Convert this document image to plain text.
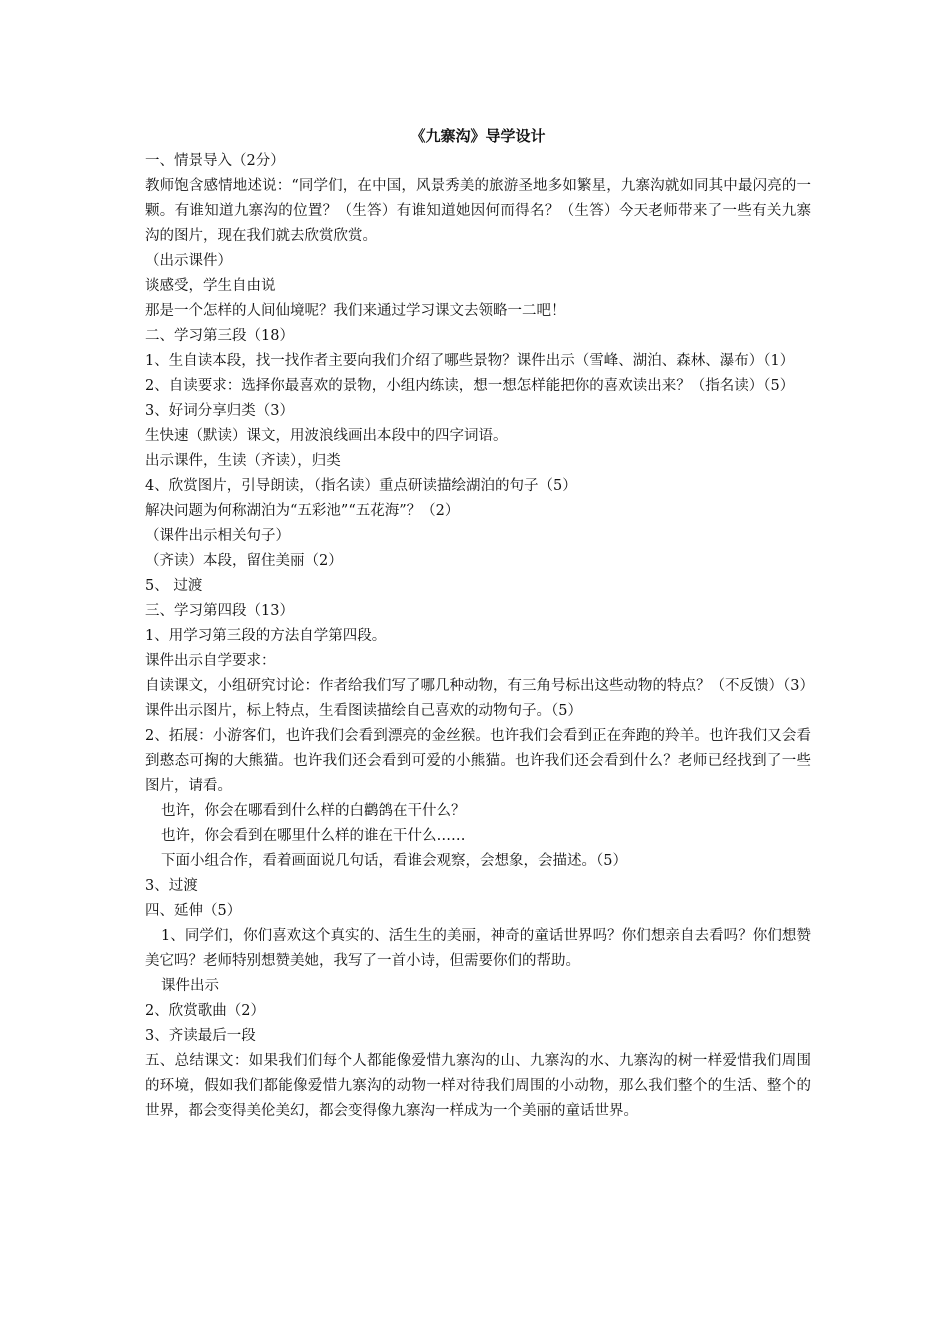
《九寨沟》导学设计

一、情景导入（2分）

教师饱含感情地述说：“同学们，在中国，风景秀美的旅游圣地多如繁星，九寨沟就如同其中最闪亮的一颗。有谁知道九寨沟的位置？（生答）有谁知道她因何而得名？（生答）今天老师带来了一些有关九寨沟的图片，现在我们就去欣赏欣赏。

（出示课件）

谈感受，学生自由说

那是一个怎样的人间仙境呢？我们来通过学习课文去领略一二吧！

二、学习第三段（18）

1、生自读本段，找一找作者主要向我们介绍了哪些景物？课件出示（雪峰、湖泊、森林、瀑布）（1）

2、自读要求：选择你最喜欢的景物，小组内练读，想一想怎样能把你的喜欢读出来？（指名读）（5）

3、好词分享归类（3）

生快速（默读）课文，用波浪线画出本段中的四字词语。

出示课件，生读（齐读），归类

4、欣赏图片，引导朗读，（指名读）重点研读描绘湖泊的句子（5）

解决问题为何称湖泊为“五彩池”“五花海”？（2）

（课件出示相关句子）

（齐读）本段，留住美丽（2）

5、 过渡

三、学习第四段（13）

1、用学习第三段的方法自学第四段。

课件出示自学要求：

自读课文，小组研究讨论：作者给我们写了哪几种动物，有三角号标出这些动物的特点？（不反馈）（3）

课件出示图片，标上特点，生看图读描绘自己喜欢的动物句子。（5）

2、拓展：小游客们，也许我们会看到漂亮的金丝猴。也许我们会看到正在奔跑的羚羊。也许我们又会看到憨态可掬的大熊猫。也许我们还会看到可爱的小熊猫。也许我们还会看到什么？老师已经找到了一些图片，请看。

也许，你会在哪看到什么样的白鹳鸽在干什么？

也许，你会看到在哪里什么样的谁在干什么……

下面小组合作，看着画面说几句话，看谁会观察，会想象，会描述。（5）

3、过渡

四、延伸（5）

1、同学们，你们喜欢这个真实的、活生生的美丽，神奇的童话世界吗？你们想亲自去看吗？你们想赞美它吗？老师特别想赞美她，我写了一首小诗，但需要你们的帮助。

课件出示

2、欣赏歌曲（2）

3、齐读最后一段

五、总结课文：如果我们们每个人都能像爱惜九寨沟的山、九寨沟的水、九寨沟的树一样爱惜我们周围的环境，假如我们都能像爱惜九寨沟的动物一样对待我们周围的小动物，那么我们整个的生活、整个的世界，都会变得美伦美幻，都会变得像九寨沟一样成为一个美丽的童话世界。
